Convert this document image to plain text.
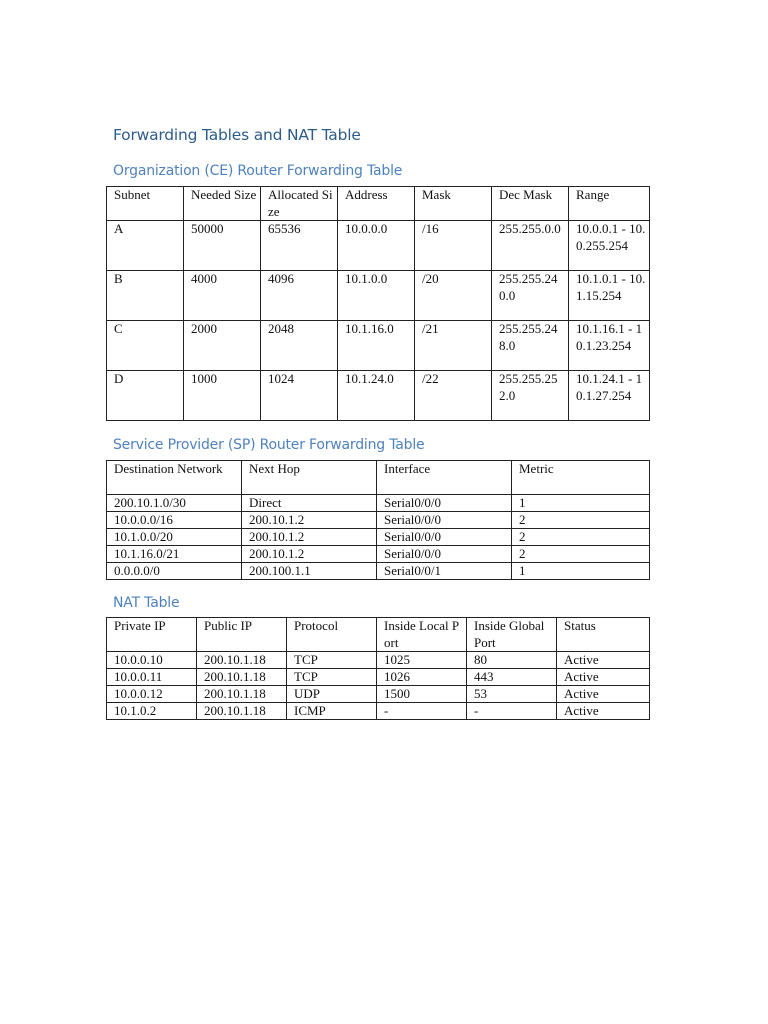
Forwarding Tables and NAT Table
Organization (CE) Router Forwarding Table
Subnet	Needed Size	Allocated Size	Address	Mask	Dec Mask	Range
A	50000	65536	10.0.0.0	/16	255.255.0.0	10.0.0.1 - 10.0.255.254
B	4000	4096	10.1.0.0	/20	255.255.240.0	10.1.0.1 - 10.1.15.254
C	2000	2048	10.1.16.0	/21	255.255.248.0	10.1.16.1 - 10.1.23.254
D	1000	1024	10.1.24.0	/22	255.255.252.0	10.1.24.1 - 10.1.27.254
Service Provider (SP) Router Forwarding Table
Destination Network	Next Hop	Interface	Metric
200.10.1.0/30	Direct	Serial0/0/0	1
10.0.0.0/16	200.10.1.2	Serial0/0/0	2
10.1.0.0/20	200.10.1.2	Serial0/0/0	2
10.1.16.0/21	200.10.1.2	Serial0/0/0	2
0.0.0.0/0	200.100.1.1	Serial0/0/1	1
NAT Table
Private IP	Public IP	Protocol	Inside Local Port	Inside Global Port	Status
10.0.0.10	200.10.1.18	TCP	1025	80	Active
10.0.0.11	200.10.1.18	TCP	1026	443	Active
10.0.0.12	200.10.1.18	UDP	1500	53	Active
10.1.0.2	200.10.1.18	ICMP	-	-	Active
